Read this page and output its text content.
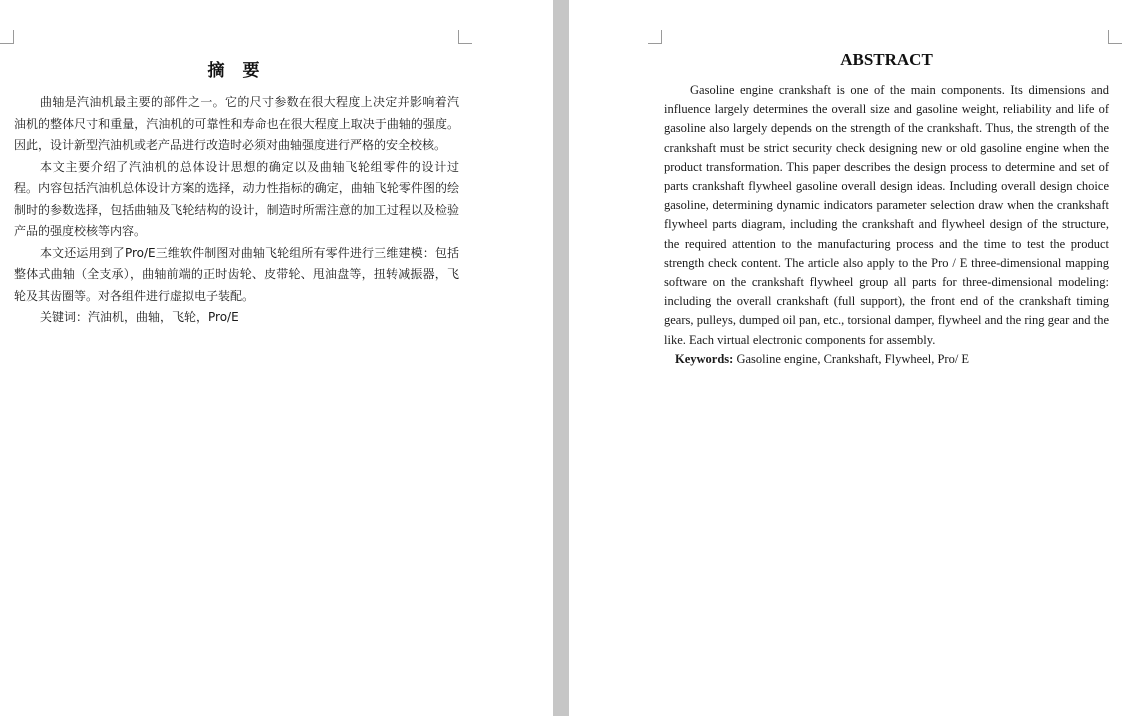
摘 要

曲轴是汽油机最主要的部件之一。它的尺寸参数在很大程度上决定并影响着汽油机的整体尺寸和重量，汽油机的可靠性和寿命也在很大程度上取决于曲轴的强度。因此，设计新型汽油机或老产品进行改造时必须对曲轴强度进行严格的安全校核。

本文主要介绍了汽油机的总体设计思想的确定以及曲轴飞轮组零件的设计过程。内容包括汽油机总体设计方案的选择，动力性指标的确定，曲轴飞轮零件图的绘制时的参数选择，包括曲轴及飞轮结构的设计，制造时所需注意的加工过程以及检验产品的强度校核等内容。

本文还运用到了Pro/E三维软件制图对曲轴飞轮组所有零件进行三维建模：包括整体式曲轴（全支承），曲轴前端的正时齿轮、皮带轮、甩油盘等，扭转减振器，飞轮及其齿圈等。对各组件进行虚拟电子装配。

关键词：汽油机，曲轴，飞轮，Pro/E

ABSTRACT

Gasoline engine crankshaft is one of the main components. Its dimensions and influence largely determines the overall size and gasoline weight, reliability and life of gasoline also largely depends on the strength of the crankshaft. Thus, the strength of the crankshaft must be strict security check designing new or old gasoline engine when the product transformation. This paper describes the design process to determine and set of parts crankshaft flywheel gasoline overall design ideas. Including overall design choice gasoline, determining dynamic indicators parameter selection draw when the crankshaft flywheel parts diagram, including the crankshaft and flywheel design of the structure, the required attention to the manufacturing process and the time to test the product strength check content. The article also apply to the Pro / E three-dimensional mapping software on the crankshaft flywheel group all parts for three-dimensional modeling: including the overall crankshaft (full support), the front end of the crankshaft timing gears, pulleys, dumped oil pan, etc., torsional damper, flywheel and the ring gear and the like. Each virtual electronic components for assembly.

Keywords: Gasoline engine, Crankshaft, Flywheel, Pro/ E
